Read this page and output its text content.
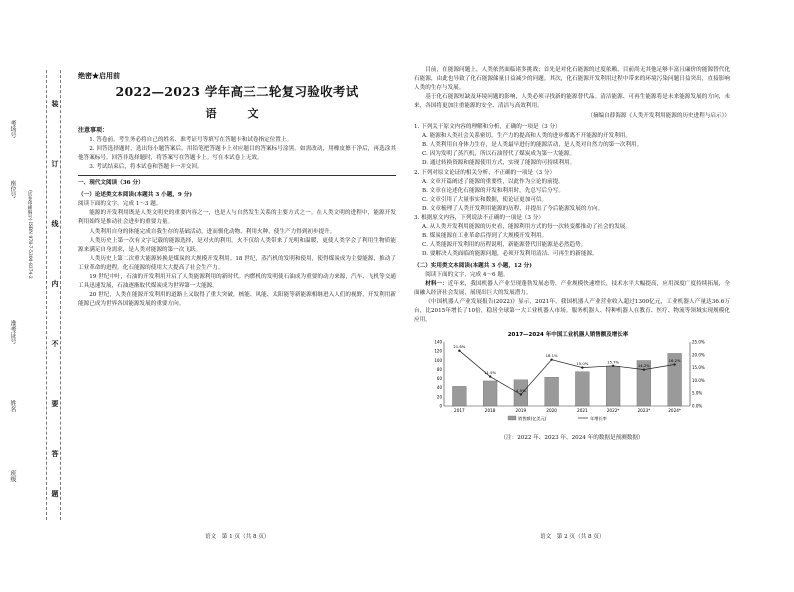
考场号
座位号
准考证号
姓名
班级
(试卷印刷编号) ISBN 978-7-5300-8374-2
装
订
线
内
不
要
答
题

绝密★启用前

2022—2023 学年高三二轮复习验收考试

语　文

注意事项：

1. 答卷前，考生务必将自己的姓名、准考证号等填写在答题卡和试卷指定位置上。

2. 回答选择题时，选出每小题答案后，用铅笔把答题卡上对应题目的答案标号涂黑。如需改动，用橡皮擦干净后，再选涂其他答案标号。回答非选择题时，将答案写在答题卡上。写在本试卷上无效。

3. 考试结束后，将本试卷和答题卡一并交回。

一、现代文阅读（36 分）

（一）论述类文本阅读(本题共 3 小题，9 分)

阅读下面的文字，完成 1～3 题。

能源的开发利用既是人类文明史的重要内容之一，也是人与自然发生关系的主要方式之一。在人类文明的进程中，能源开发利用始终是推动社会进步的重要力量。

人类利用自身的体能完成自我生存的基础活动，进而驯化动物、利用火种，使生产力得到初步提升。

人类历史上第一次有文字记载的能源选择，是对火的利用。火不仅给人类带来了光明和温暖，更使人类学会了利用生物质能源来满足自身需求，是人类对能源的第一次飞跃。

人类历史上第二次重大能源转换是煤炭的大规模开发利用。18 世纪，蒸汽机的发明和使用，使得煤炭成为主要能源，推动了工业革命的进程。化石能源的使用大大提高了社会生产力。

19 世纪中叶，石油的开发利用开启了人类能源利用的新时代。内燃机的发明使石油成为重要的动力来源，汽车、飞机等交通工具迅速发展，石油逐渐取代煤炭成为世界第一大能源。

20 世纪，人类在能源开发利用的道路上又取得了重大突破，核能、风能、太阳能等新能源相继进入人们的视野，开发利用新能源已成为世界各国能源发展的重要方向。

目前，在能源问题上，人类依然面临诸多挑战；首先是对化石能源的过度依赖，目前尚无其他足够丰富且廉价的能源替代化石能源，由此也导致了化石能源储量日益减少的问题。其次，化石能源开发利用过程中带来的环境污染问题日益突出，直接影响人类的生存与发展。

基于化石能源短缺及环境问题的影响，人类必须寻找新的能源替代品。清洁能源、可再生能源将是未来能源发展的方向，未来，各国将更加注重能源的安全、清洁与高效利用。

（摘编自薛海源《人类开发利用能源的历史进程与启示》）

1. 下列关于原文内容的理解和分析，正确的一项是（3 分）

A. 能源和人类社会关系密切，生产力的提高和人类的进步都离不开能源的开发利用。

B. 人类利用自身体力生存，是人类最早进行的能源活动，是人类对自然力的第一次利用。

C. 因为发明了蒸汽机，所以石油替代了煤炭成为第一大能源。

D. 通过转换资源和能源使用方式，实现了能源的可持续利用。

2. 下列对原文论证的相关分析，不正确的一项是（3 分）

A. 文章开篇阐述了能源的重要性，以此作为立论的前提。

B. 文章在论述化石能源的开发和利用时，先总写后分写。

C. 文章引用了大量事实和数据，使论证更加可信。

D. 文章梳理了人类开发利用能源的历程，并提出了今后能源发展的方向。

3. 根据原文内容，下列说法不正确的一项是（3 分）

A. 从人类开发利用能源的历史看，能源利用方式的每一次转变都推动了社会的发展。

B. 煤炭能源在工业革命后得到了大规模开发利用。

C. 人类能源开发利用的历程说明，新能源替代旧能源是必然趋势。

D. 要解决人类面临的能源问题，必须开发利用清洁、可再生的新能源。

（二）实用类文本阅读(本题共 3 小题，12 分)

阅读下面的文字，完成 4～6 题。

材料一：近年来，我国机器人产业呈现蓬勃发展态势，产业规模快速增长，技术水平大幅提高，应用深度广度持续拓展，全面融入经济社会发展，展现出巨大的发展潜力。

《中国机器人产业发展报告(2022)》显示，2021年，我国机器人产业营业收入超过1300亿元，工业机器人产量达36.6万台，比2015年增长了10倍，稳居全球第一大工业机器人市场。服务机器人、特种机器人在教育、医疗、物流等领域实现规模化应用。

2017—2024 年中国工业机器人销售额及增长率
0
20
40
60
80
100
120
140
0.0%
5.0%
10.0%
15.0%
20.0%
25.0%
2017	2018	2019	2020	2021	2022*	2023*	2024*
21.6%
11.5%
4.5%
18.1%
15.0%	15.7%
14.2%
16.2%
销售额(亿美元)	年增长率

（注：2022 年、2023 年、2024 年的数据是预测数据）

语文　第 1 页（共 8 页）	语文　第 2 页（共 8 页）
